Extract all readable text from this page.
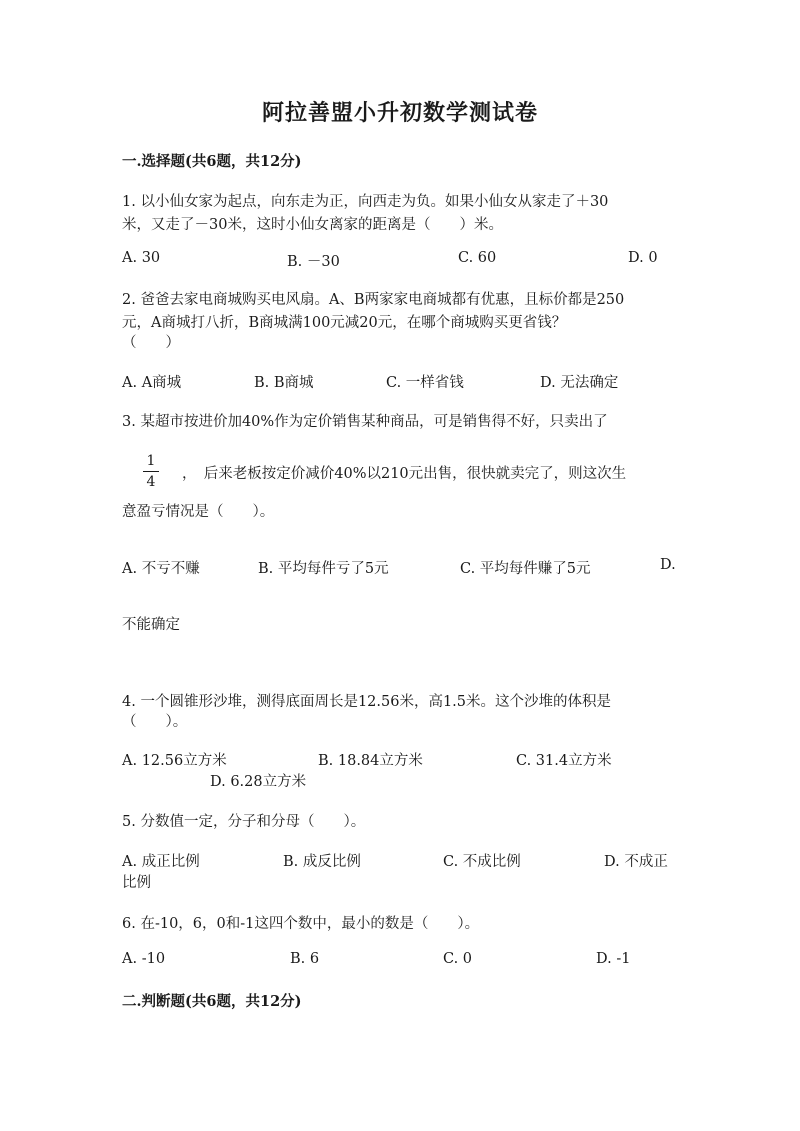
阿拉善盟小升初数学测试卷
一.选择题(共6题，共12分)
1. 以小仙女家为起点，向东走为正，向西走为负。如果小仙女从家走了＋30
米，又走了－30米，这时小仙女离家的距离是（　　）米。
A. 30	B. －30	C. 60	D. 0
2. 爸爸去家电商城购买电风扇。A、B两家家电商城都有优惠，且标价都是250
元，A商城打八折，B商城满100元减20元，在哪个商城购买更省钱？
（　　）
A. A商城	B. B商城	C. 一样省钱	D. 无法确定
3. 某超市按进价加40%作为定价销售某种商品，可是销售得不好，只卖出了
1
4 ，　后来老板按定价减价40%以210元出售，很快就卖完了，则这次生
意盈亏情况是（　　）。
A. 不亏不赚	B. 平均每件亏了5元	C. 平均每件赚了5元	D.
不能确定
4. 一个圆锥形沙堆，测得底面周长是12.56米，高1.5米。这个沙堆的体积是
（　　）。
A. 12.56立方米	B. 18.84立方米	C. 31.4立方米
D. 6.28立方米
5. 分数值一定，分子和分母（　　）。
A. 成正比例	B. 成反比例	C. 不成比例	D. 不成正
比例
6. 在-10，6，0和-1这四个数中，最小的数是（　　）。
A. -10	B. 6	C. 0	D. -1
二.判断题(共6题，共12分)
